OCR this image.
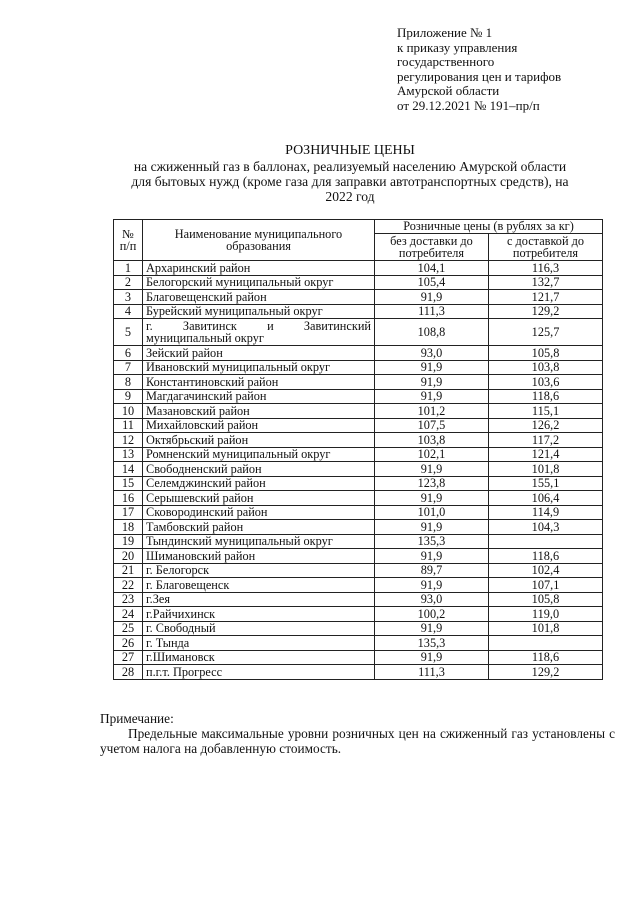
Приложение № 1
к приказу управления
государственного
регулирования цен и тарифов
Амурской области
от 29.12.2021 № 191–пр/п
РОЗНИЧНЫЕ ЦЕНЫ
на сжиженный газ в баллонах, реализуемый населению Амурской области
для бытовых нужд (кроме газа для заправки автотранспортных средств), на
2022 год
№
п/п	Наименование муниципального образования	Розничные цены (в рублях за кг)	
		без доставки до потребителя	с доставкой до потребителя
1	Архаринский район	104,1	116,3
2	Белогорский муниципальный округ	105,4	132,7
3	Благовещенский район	91,9	121,7
4	Бурейский муниципальный округ	111,3	129,2
5	г. Завитинск и Завитинский муниципальный округ	108,8	125,7
6	Зейский район	93,0	105,8
7	Ивановский муниципальный округ	91,9	103,8
8	Константиновский район	91,9	103,6
9	Магдагачинский район	91,9	118,6
10	Мазановский район	101,2	115,1
11	Михайловский район	107,5	126,2
12	Октябрьский район	103,8	117,2
13	Ромненский муниципальный округ	102,1	121,4
14	Свободненский район	91,9	101,8
15	Селемджинский район	123,8	155,1
16	Серышевский район	91,9	106,4
17	Сковородинский район	101,0	114,9
18	Тамбовский район	91,9	104,3
19	Тындинский муниципальный округ	135,3	
20	Шимановский район	91,9	118,6
21	г. Белогорск	89,7	102,4
22	г. Благовещенск	91,9	107,1
23	г.Зея	93,0	105,8
24	г.Райчихинск	100,2	119,0
25	г. Свободный	91,9	101,8
26	г. Тында	135,3	
27	г.Шимановск	91,9	118,6
28	п.г.т. Прогресс	111,3	129,2
Примечание:
Предельные максимальные уровни розничных цен на сжиженный газ установлены с учетом налога на добавленную стоимость.
